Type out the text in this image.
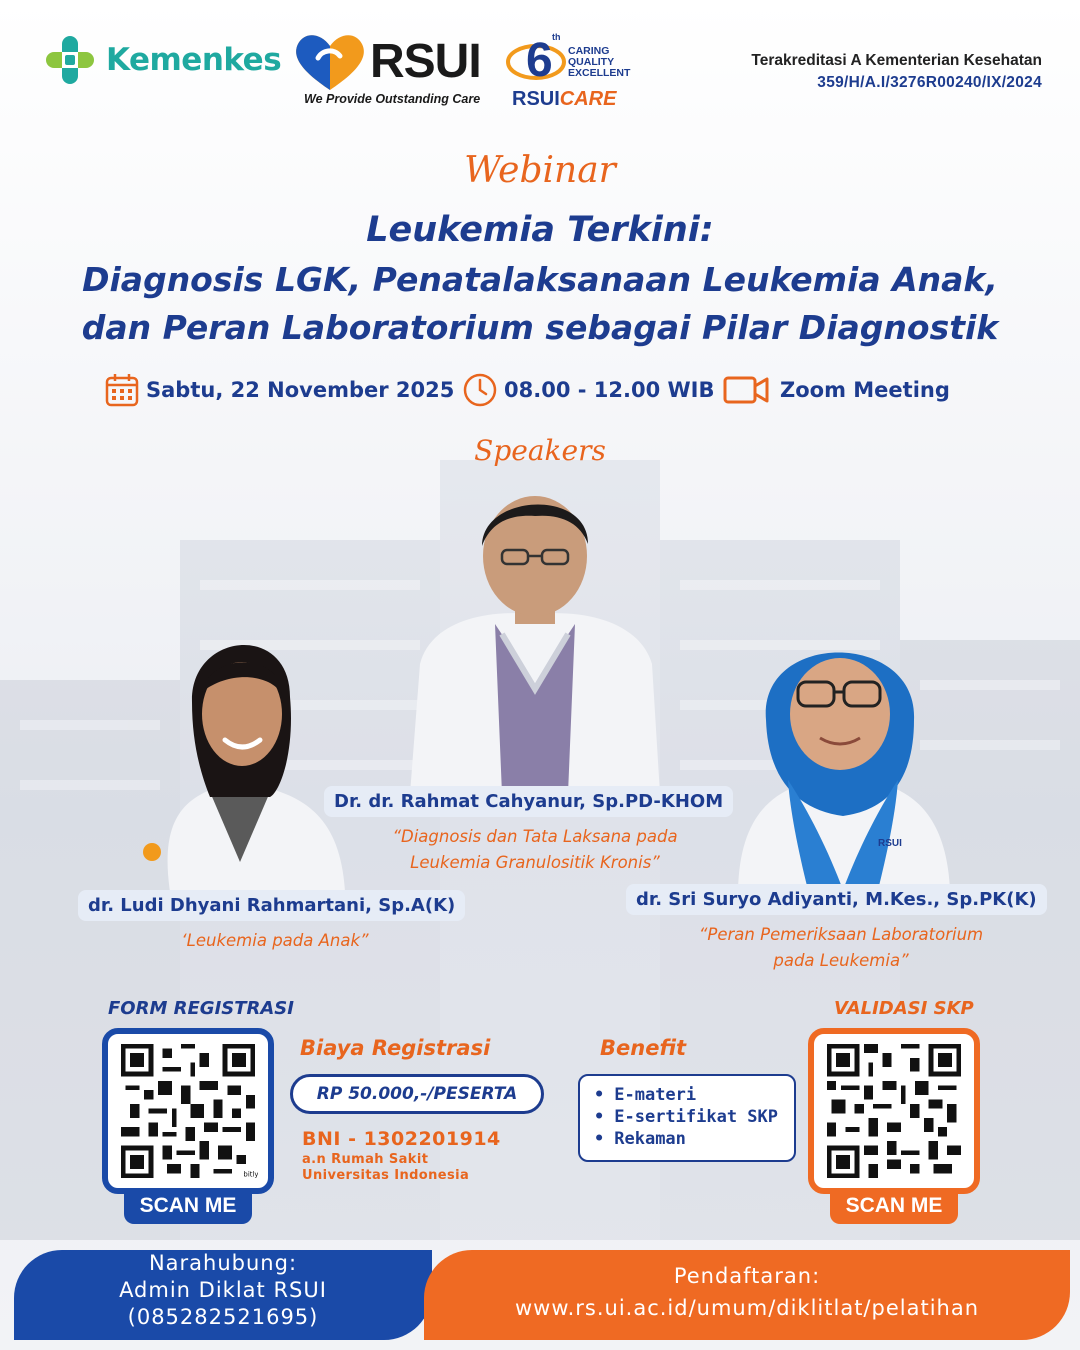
Kemenkes RSUI
We Provide Outstanding Care
6 th
CARING
QUALITY
EXCELLENT
RSUICARE
Terakreditasi A Kementerian Kesehatan
359/H/A.I/3276R00240/IX/2024
Webinar
Leukemia Terkini:
Diagnosis LGK, Penatalaksanaan Leukemia Anak,
dan Peran Laboratorium sebagai Pilar Diagnostik
Sabtu, 22 November 2025 08.00 - 12.00 WIB	Zoom Meeting
Speakers
RSUI
Dr. dr. Rahmat Cahyanur, Sp.PD-KHOM
“Diagnosis dan Tata Laksana pada
Leukemia Granulositik Kronis”
dr. Ludi Dhyani Rahmartani, Sp.A(K)
‘Leukemia pada Anak”
dr. Sri Suryo Adiyanti, M.Kes., Sp.PK(K)
“Peran Pemeriksaan Laboratorium
pada Leukemia”
FORM REGISTRASI
bitly
SCAN ME
Biaya Registrasi
RP 50.000,-/PESERTA
BNI - 1302201914
a.n Rumah Sakit
Universitas Indonesia
Benefit
• E-materi
• E-sertifikat SKP
• Rekaman
VALIDASI SKP
SCAN ME
Narahubung:
Admin Diklat RSUI
(085282521695)
Pendaftaran:
www.rs.ui.ac.id/umum/diklitlat/pelatihan
